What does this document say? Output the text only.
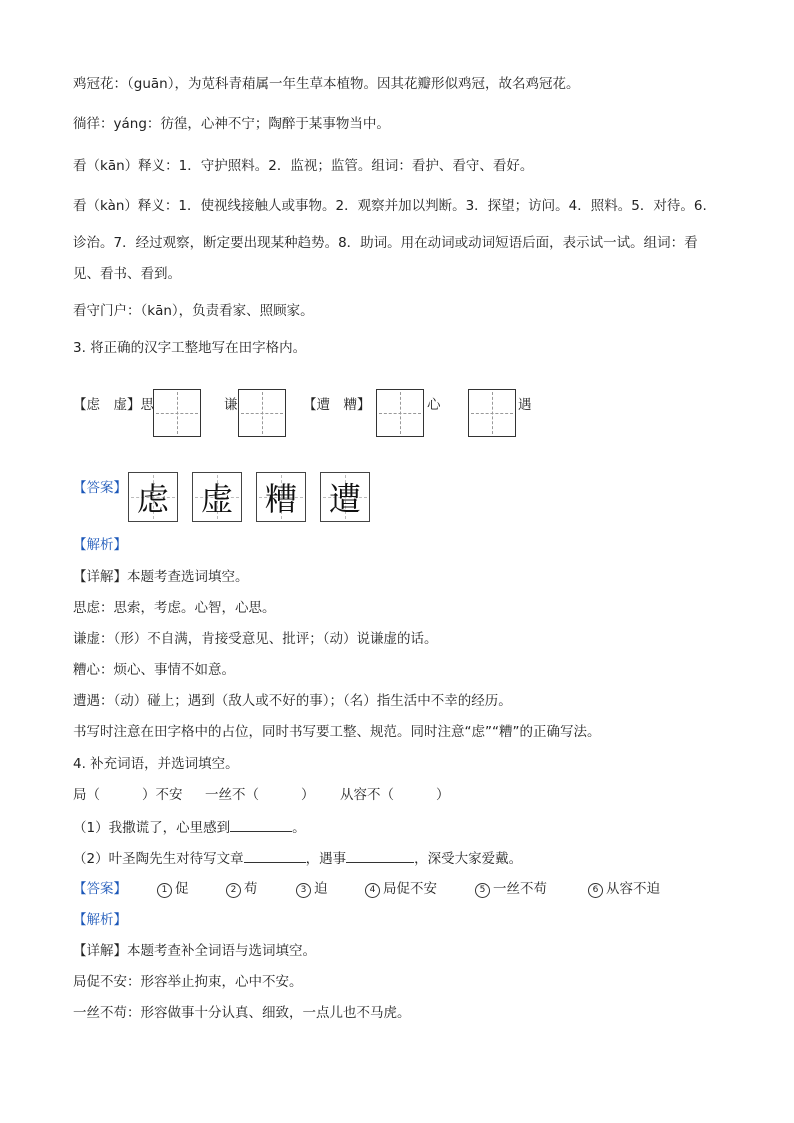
鸡冠花：（guān），为苋科青葙属一年生草本植物。因其花瓣形似鸡冠，故名鸡冠花。
徜徉：yáng：彷徨，心神不宁；陶醉于某事物当中。
看（kān）释义：1．守护照料。2．监视；监管。组词：看护、看守、看好。
看（kàn）释义：1．使视线接触人或事物。2．观察并加以判断。3．探望；访问。4．照料。5．对待。6.
诊治。7．经过观察，断定要出现某种趋势。8．助词。用在动词或动词短语后面，表示试一试。组词：看
见、看书、看到。
看守门户：（kān），负责看家、照顾家。
3. 将正确的汉字工整地写在田字格内。
【虑　虚】思	谦	【遭　糟】	心	遇
【答案】 虑 虚 糟 遭
【解析】
【详解】本题考查选词填空。
思虑：思索，考虑。心智，心思。
谦虚：（形）不自满，肯接受意见、批评；（动）说谦虚的话。
糟心：烦心、事情不如意。
遭遇：（动）碰上；遇到（敌人或不好的事）；（名）指生活中不幸的经历。
书写时注意在田字格中的占位，同时书写要工整、规范。同时注意“虑”“糟”的正确写法。
4. 补充词语，并选词填空。
局（	）不安 一丝不（	） 从容不（	）
（1）我撒谎了，心里感到	。
（2）叶圣陶先生对待写文章	，遇事	，深受大家爱戴。
【答案】	1 促	2 苟	3 迫	4 局促不安	5 一丝不苟	6 从容不迫
【解析】
【详解】本题考查补全词语与选词填空。
局促不安：形容举止拘束，心中不安。
一丝不苟：形容做事十分认真、细致，一点儿也不马虎。
